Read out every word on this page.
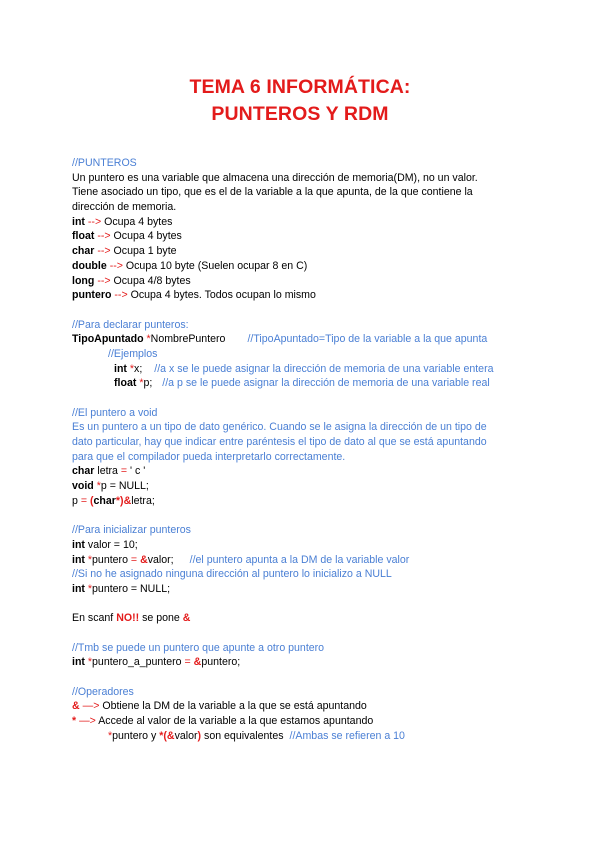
TEMA 6 INFORMÁTICA:
PUNTEROS Y RDM
//PUNTEROS
Un puntero es una variable que almacena una dirección de memoria(DM), no un valor.
Tiene asociado un tipo, que es el de la variable a la que apunta, de la que contiene la
dirección de memoria.
int --> Ocupa 4 bytes
float --> Ocupa 4 bytes
char --> Ocupa 1 byte
double --> Ocupa 10 byte (Suelen ocupar 8 en C)
long --> Ocupa 4/8 bytes
puntero --> Ocupa 4 bytes. Todos ocupan lo mismo
//Para declarar punteros:
TipoApuntado *NombrePuntero //TipoApuntado=Tipo de la variable a la que apunta
//Ejemplos
int *x; //a x se le puede asignar la dirección de memoria de una variable entera
float *p; //a p se le puede asignar la dirección de memoria de una variable real
//El puntero a void
Es un puntero a un tipo de dato genérico. Cuando se le asigna la dirección de un tipo de
dato particular, hay que indicar entre paréntesis el tipo de dato al que se está apuntando
para que el compilador pueda interpretarlo correctamente.
char letra = ' c '
void *p = NULL;
p = (char*)&letra;
//Para inicializar punteros
int valor = 10;
int *puntero = &valor; //el puntero apunta a la DM de la variable valor
//Si no he asignado ninguna dirección al puntero lo inicializo a NULL
int *puntero = NULL;
En scanf NO!! se pone &
//Tmb se puede un puntero que apunte a otro puntero
int *puntero_a_puntero = &puntero;
//Operadores
& —> Obtiene la DM de la variable a la que se está apuntando
* —> Accede al valor de la variable a la que estamos apuntando
*puntero y *(&valor) son equivalentes //Ambas se refieren a 10
